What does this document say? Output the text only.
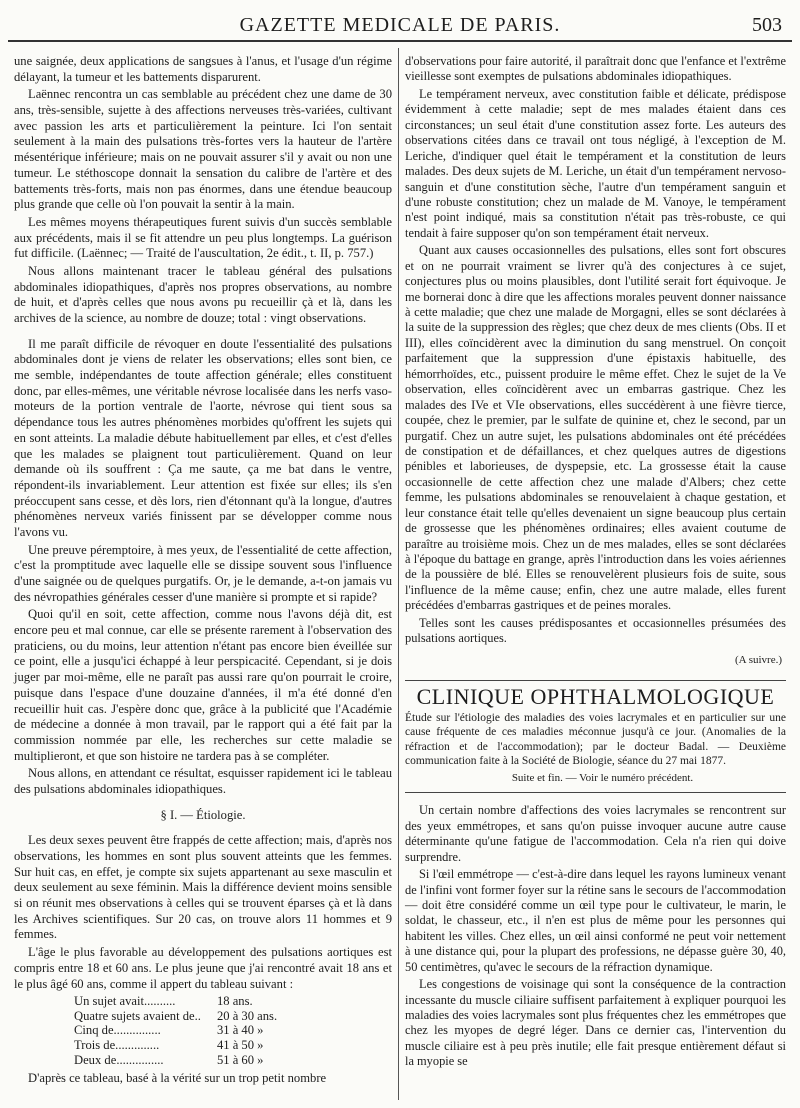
GAZETTE MEDICALE DE PARIS.	503

une saignée, deux applications de sangsues à l'anus, et l'usage d'un régime délayant, la tumeur et les battements disparurent.

Laënnec rencontra un cas semblable au précédent chez une dame de 30 ans, très-sensible, sujette à des affections nerveuses très-variées, cultivant avec passion les arts et particulièrement la peinture. Ici l'on sentait seulement à la main des pulsations très-fortes vers la hauteur de l'artère mésentérique inférieure; mais on ne pouvait assurer s'il y avait ou non une tumeur. Le stéthoscope donnait la sensation du calibre de l'artère et des battements très-forts, mais non pas énormes, dans une étendue beaucoup plus grande que celle où l'on pouvait la sentir à la main.

Les mêmes moyens thérapeutiques furent suivis d'un succès semblable aux précédents, mais il se fit attendre un peu plus longtemps. La guérison fut difficile. (Laënnec; — Traité de l'auscultation, 2e édit., t. II, p. 757.)

Nous allons maintenant tracer le tableau général des pulsations abdominales idiopathiques, d'après nos propres observations, au nombre de huit, et d'après celles que nous avons pu recueillir çà et là, dans les archives de la science, au nombre de douze; total : vingt observations.

Il me paraît difficile de révoquer en doute l'essentialité des pulsations abdominales dont je viens de relater les observations; elles sont bien, ce me semble, indépendantes de toute affection générale; elles constituent donc, par elles-mêmes, une véritable névrose localisée dans les nerfs vaso-moteurs de la portion ventrale de l'aorte, névrose qui tient sous sa dépendance tous les autres phénomènes morbides qu'offrent les sujets qui en sont atteints. La maladie débute habituellement par elles, et c'est d'elles que les malades se plaignent tout particulièrement. Quand on leur demande où ils souffrent : Ça me saute, ça me bat dans le ventre, répondent-ils invariablement. Leur attention est fixée sur elles; ils s'en préoccupent sans cesse, et dès lors, rien d'étonnant qu'à la longue, d'autres phénomènes nerveux variés finissent par se développer comme nous l'avons vu.

Une preuve péremptoire, à mes yeux, de l'essentialité de cette affection, c'est la promptitude avec laquelle elle se dissipe souvent sous l'influence d'une saignée ou de quelques purgatifs. Or, je le demande, a-t-on jamais vu des névropathies générales cesser d'une manière si prompte et si rapide?

Quoi qu'il en soit, cette affection, comme nous l'avons déjà dit, est encore peu et mal connue, car elle se présente rarement à l'observation des praticiens, ou du moins, leur attention n'étant pas encore bien éveillée sur ce point, elle a jusqu'ici échappé à leur perspicacité. Cependant, si je dois juger par moi-même, elle ne paraît pas aussi rare qu'on pourrait le croire, puisque dans l'espace d'une douzaine d'années, il m'a été donné d'en recueillir huit cas. J'espère donc que, grâce à la publicité que l'Académie de médecine a donnée à mon travail, par le rapport qui a été fait par la commission nommée par elle, les recherches sur cette maladie se multiplieront, et que son histoire ne tardera pas à se compléter.

Nous allons, en attendant ce résultat, esquisser rapidement ici le tableau des pulsations abdominales idiopathiques.

§ I. — Étiologie.

Les deux sexes peuvent être frappés de cette affection; mais, d'après nos observations, les hommes en sont plus souvent atteints que les femmes. Sur huit cas, en effet, je compte six sujets appartenant au sexe masculin et deux seulement au sexe féminin. Mais la différence devient moins sensible si on réunit mes observations à celles qui se trouvent éparses çà et là dans les Archives scientifiques. Sur 20 cas, on trouve alors 11 hommes et 9 femmes.

L'âge le plus favorable au développement des pulsations aortiques est compris entre 18 et 60 ans. Le plus jeune que j'ai rencontré avait 18 ans et le plus âgé 60 ans, comme il appert du tableau suivant :

Un sujet avait..........	18 ans.
Quatre sujets avaient de..	20 à 30 ans.
Cinq de...............	31 à 40 »
Trois de..............	41 à 50 »
Deux de...............	51 à 60 »

D'après ce tableau, basé à la vérité sur un trop petit nombre

d'observations pour faire autorité, il paraîtrait donc que l'enfance et l'extrême vieillesse sont exemptes de pulsations abdominales idiopathiques.

Le tempérament nerveux, avec constitution faible et délicate, prédispose évidemment à cette maladie; sept de mes malades étaient dans ces circonstances; un seul était d'une constitution assez forte. Les auteurs des observations citées dans ce travail ont tous négligé, à l'exception de M. Leriche, d'indiquer quel était le tempérament et la constitution de leurs malades. Des deux sujets de M. Leriche, un était d'un tempérament nervoso-sanguin et d'une constitution sèche, l'autre d'un tempérament sanguin et d'une robuste constitution; chez un malade de M. Vanoye, le tempérament n'est point indiqué, mais sa constitution n'était pas très-robuste, ce qui tendait à faire supposer qu'on son tempérament était nerveux.

Quant aux causes occasionnelles des pulsations, elles sont fort obscures et on ne pourrait vraiment se livrer qu'à des conjectures à ce sujet, conjectures plus ou moins plausibles, dont l'utilité serait fort équivoque. Je me bornerai donc à dire que les affections morales peuvent donner naissance à cette maladie; que chez une malade de Morgagni, elles se sont déclarées à la suite de la suppression des règles; que chez deux de mes clients (Obs. II et III), elles coïncidèrent avec la diminution du sang menstruel. On conçoit parfaitement que la suppression d'une épistaxis habituelle, des hémorrhoïdes, etc., puissent produire le même effet. Chez le sujet de la Ve observation, elles coïncidèrent avec un embarras gastrique. Chez les malades des IVe et VIe observations, elles succédèrent à une fièvre tierce, coupée, chez le premier, par le sulfate de quinine et, chez le second, par un purgatif. Chez un autre sujet, les pulsations abdominales ont été précédées de constipation et de défaillances, et chez quelques autres de digestions pénibles et laborieuses, de dyspepsie, etc. La grossesse était la cause occasionnelle de cette affection chez une malade d'Albers; chez cette femme, les pulsations abdominales se renouvelaient à chaque gestation, et leur constance était telle qu'elles devenaient un signe beaucoup plus certain de grossesse que les phénomènes ordinaires; elles avaient coutume de paraître au troisième mois. Chez un de mes malades, elles se sont déclarées à l'époque du battage en grange, après l'introduction dans les voies aériennes de la poussière de blé. Elles se renouvelèrent plusieurs fois de suite, sous l'influence de la même cause; enfin, chez une autre malade, elles furent précédées d'embarras gastriques et de peines morales.

Telles sont les causes prédisposantes et occasionnelles présumées des pulsations aortiques.

(A suivre.)

CLINIQUE OPHTHALMOLOGIQUE

Étude sur l'étiologie des maladies des voies lacrymales et en particulier sur une cause fréquente de ces maladies méconnue jusqu'à ce jour. (Anomalies de la réfraction et de l'accommodation); par le docteur Badal. — Deuxième communication faite à la Société de Biologie, séance du 27 mai 1877.

Suite et fin. — Voir le numéro précédent.

Un certain nombre d'affections des voies lacrymales se rencontrent sur des yeux emmétropes, et sans qu'on puisse invoquer aucune autre cause déterminante qu'une fatigue de l'accommodation. Cela n'a rien qui doive surprendre.

Si l'œil emmétrope — c'est-à-dire dans lequel les rayons lumineux venant de l'infini vont former foyer sur la rétine sans le secours de l'accommodation — doit être considéré comme un œil type pour le cultivateur, le marin, le soldat, le chasseur, etc., il n'en est plus de même pour les personnes qui habitent les villes. Chez elles, un œil ainsi conformé ne peut voir nettement à une distance qui, pour la plupart des professions, ne dépasse guère 30, 40, 50 centimètres, qu'avec le secours de la réfraction dynamique.

Les congestions de voisinage qui sont la conséquence de la contraction incessante du muscle ciliaire suffisent parfaitement à expliquer pourquoi les maladies des voies lacrymales sont plus fréquentes chez les emmétropes que chez les myopes de degré léger. Dans ce dernier cas, l'intervention du muscle ciliaire est à peu près inutile; elle fait presque entièrement défaut si la myopie se
